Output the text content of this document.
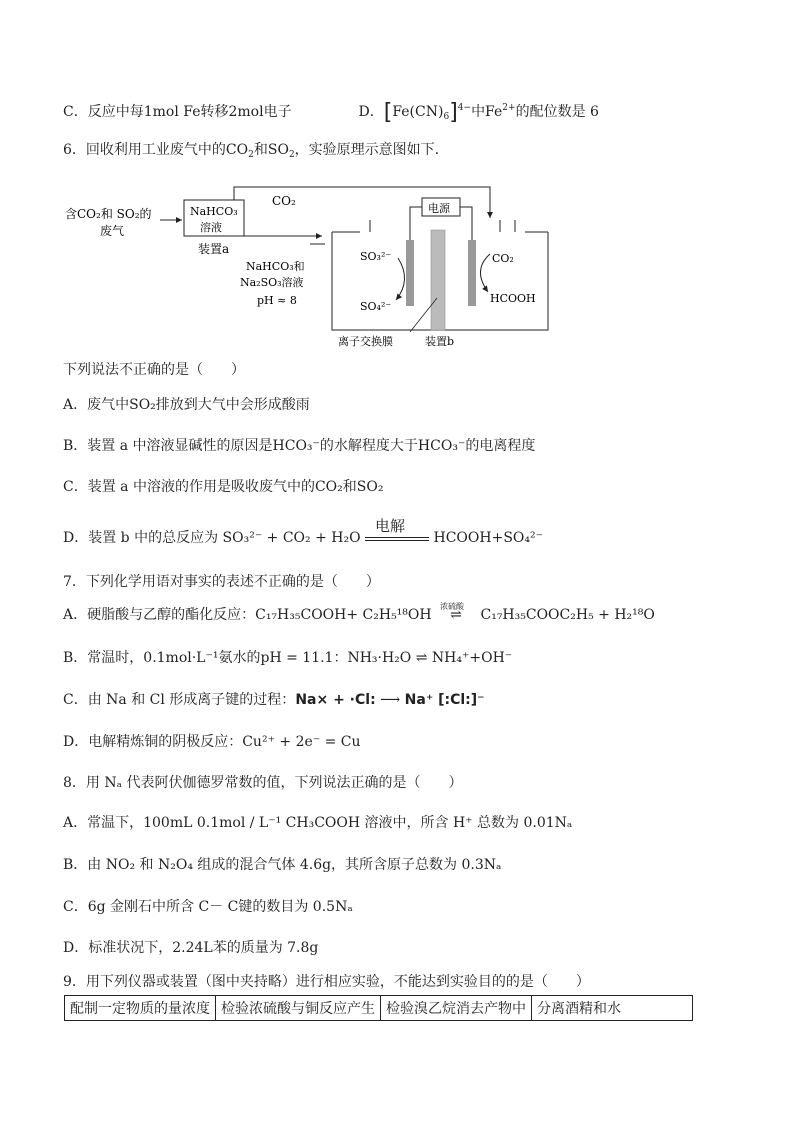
C．反应中每1mol Fe转移2mol电子	D．$[Fe(CN)_6]^{4-}$中$Fe^{2+}$的配位数是 6
6．回收利用工业废气中的$CO_2$和$SO_2$，实验原理示意图如下.
含CO₂和 SO₂的
废气
NaHCO₃
溶液
装置a
CO₂
NaHCO₃和
Na₂SO₃溶液
pH ≈ 8
电源
SO₃²⁻
SO₄²⁻
CO₂
HCOOH
离子交换膜	装置b
下列说法不正确的是（　　）
A．废气中SO₂排放到大气中会形成酸雨
B．装置 a 中溶液显碱性的原因是HCO₃⁻的水解程度大于HCO₃⁻的电离程度
C．装置 a 中溶液的作用是吸收废气中的CO₂和SO₂
D．装置 b 中的总反应为 SO₃²⁻ + CO₂ + H₂O
电解
HCOOH+SO₄²⁻
7．下列化学用语对事实的表述不正确的是（　　）
A．硬脂酸与乙醇的酯化反应：C₁₇H₃₅COOH+ C₂H₅¹⁸OH
浓硫酸
⇌ C₁₇H₃₅COOC₂H₅ + H₂¹⁸O
B．常温时，0.1mol·L⁻¹氨水的pH = 11.1：NH₃·H₂O ⇌ NH₄⁺+OH⁻
C．由 Na 和 Cl 形成离子键的过程：Na× + ·Cl: ⟶ Na⁺ [:Cl:]⁻
D．电解精炼铜的阴极反应：Cu²⁺ + 2e⁻ = Cu
8．用 Nₐ 代表阿伏伽德罗常数的值，下列说法正确的是（　　）
A．常温下，100mL 0.1mol / L⁻¹ CH₃COOH 溶液中，所含 H⁺ 总数为 0.01Nₐ
B．由 NO₂ 和 N₂O₄ 组成的混合气体 4.6g，其所含原子总数为 0.3Nₐ
C．6g 金刚石中所含 C－ C键的数目为 0.5Nₐ
D．标准状况下，2.24L苯的质量为 7.8g
9．用下列仪器或装置（图中夹持略）进行相应实验，不能达到实验目的的是（　　）
配制一定物质的量浓度	检验浓硫酸与铜反应产生	检验溴乙烷消去产物中	分离酒精和水
